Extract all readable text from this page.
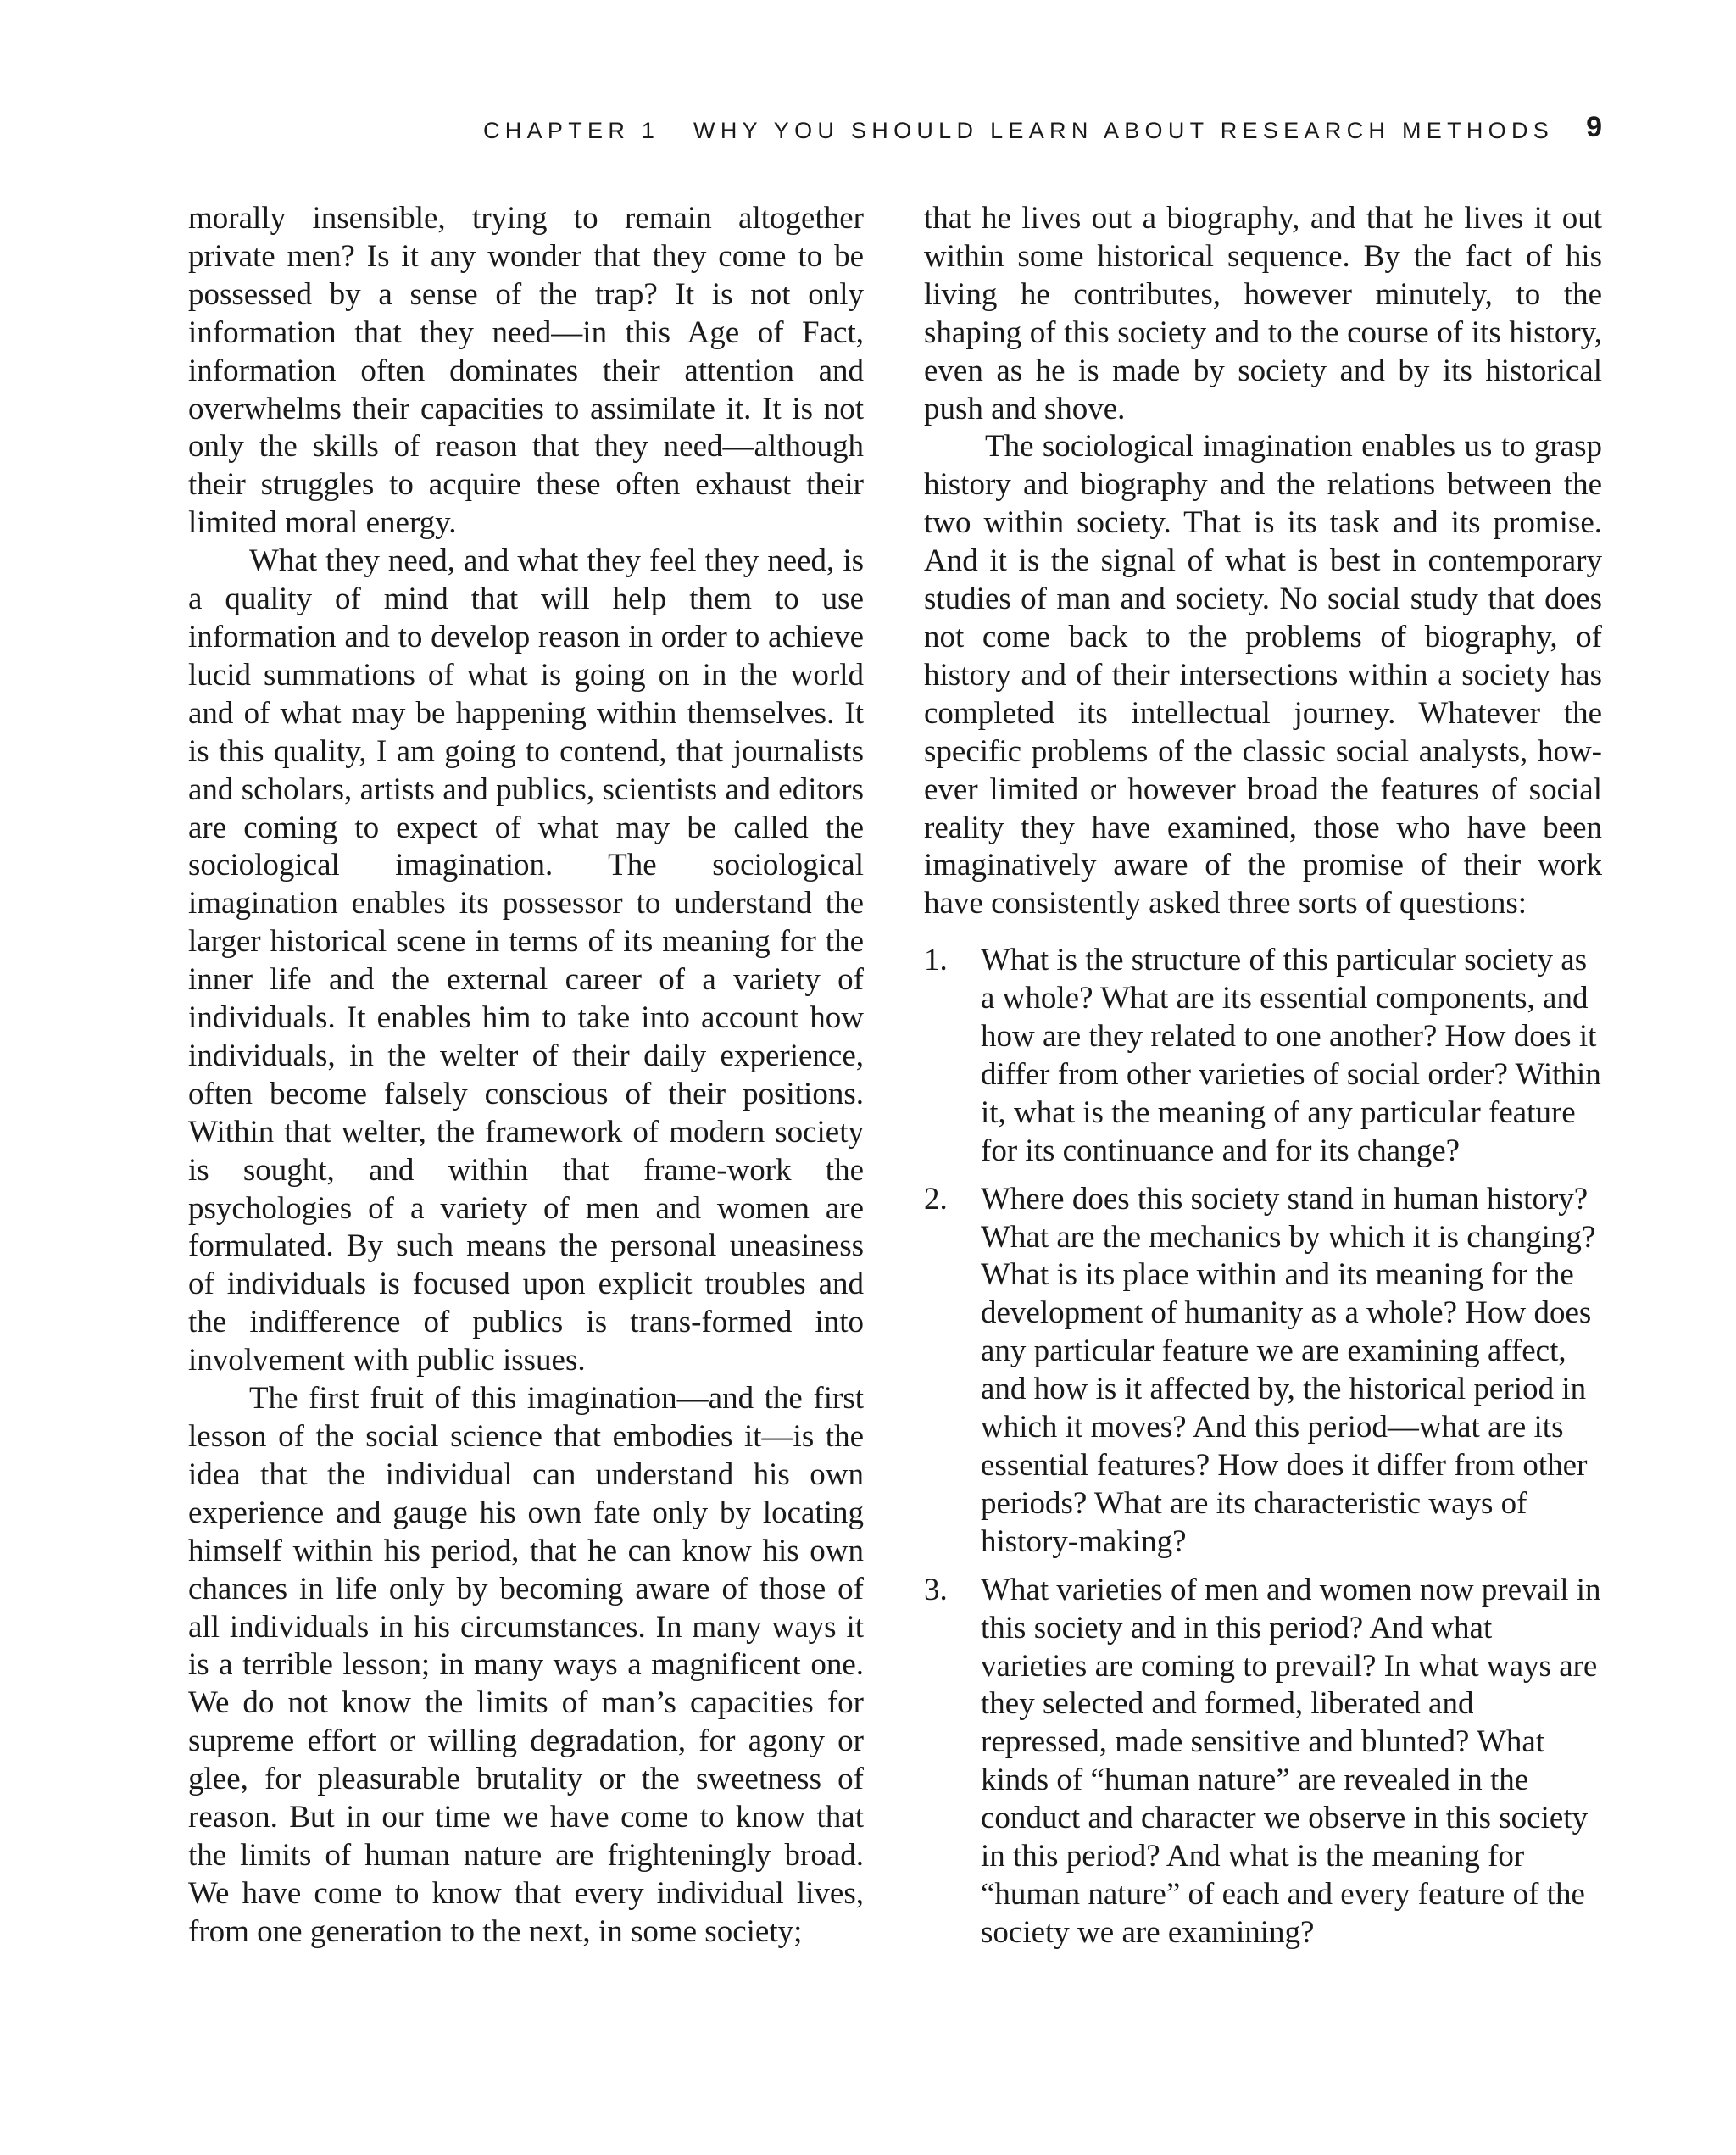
CHAPTER 1 WHY YOU SHOULD LEARN ABOUT RESEARCH METHODS	9

morally insensible, trying to remain altogether private men? Is it any wonder that they come to be possessed by a sense of the trap? It is not only information that they need—in this Age of Fact, information often dominates their attention and overwhelms their capacities to assimilate it. It is not only the skills of reason that they need—although their struggles to acquire these often exhaust their limited moral energy.

What they need, and what they feel they need, is a quality of mind that will help them to use information and to develop reason in order to achieve lucid summations of what is going on in the world and of what may be happening within themselves. It is this quality, I am going to contend, that journalists and scholars, artists and publics, scientists and editors are coming to expect of what may be called the sociological imagination. The sociological imagination enables its possessor to understand the larger historical scene in terms of its meaning for the inner life and the external career of a variety of individuals. It enables him to take into account how individuals, in the welter of their daily experience, often become falsely conscious of their positions. Within that welter, the framework of modern society is sought, and within that frame-work the psychologies of a variety of men and women are formulated. By such means the personal uneasiness of individuals is focused upon explicit troubles and the indifference of publics is trans-formed into involvement with public issues.

The first fruit of this imagination—and the first lesson of the social science that embodies it—is the idea that the individual can understand his own experience and gauge his own fate only by locating himself within his period, that he can know his own chances in life only by becoming aware of those of all individuals in his circumstances. In many ways it is a terrible lesson; in many ways a magnificent one. We do not know the limits of man’s capacities for supreme effort or willing degradation, for agony or glee, for pleasurable brutality or the sweetness of reason. But in our time we have come to know that the limits of human nature are frighteningly broad. We have come to know that every individual lives, from one generation to the next, in some society;

that he lives out a biography, and that he lives it out within some historical sequence. By the fact of his living he contributes, however minutely, to the shaping of this society and to the course of its history, even as he is made by society and by its historical push and shove.

The sociological imagination enables us to grasp history and biography and the relations between the two within society. That is its task and its promise. And it is the signal of what is best in contemporary studies of man and society. No social study that does not come back to the problems of biography, of history and of their intersections within a society has completed its intellectual journey. Whatever the specific problems of the classic social analysts, how-ever limited or however broad the features of social reality they have examined, those who have been imaginatively aware of the promise of their work have consistently asked three sorts of questions:

1. What is the structure of this particular society as a whole? What are its essential components, and how are they related to one another? How does it differ from other varieties of social order? Within it, what is the meaning of any particular feature for its continuance and for its change?
2. Where does this society stand in human history? What are the mechanics by which it is changing? What is its place within and its meaning for the development of humanity as a whole? How does any particular feature we are examining affect, and how is it affected by, the historical period in which it moves? And this period—what are its essential features? How does it differ from other periods? What are its characteristic ways of history-making?
3. What varieties of men and women now prevail in this society and in this period? And what varieties are coming to prevail? In what ways are they selected and formed, liberated and repressed, made sensitive and blunted? What kinds of “human nature” are revealed in the conduct and character we observe in this society in this period? And what is the meaning for “human nature” of each and every feature of the society we are examining?
